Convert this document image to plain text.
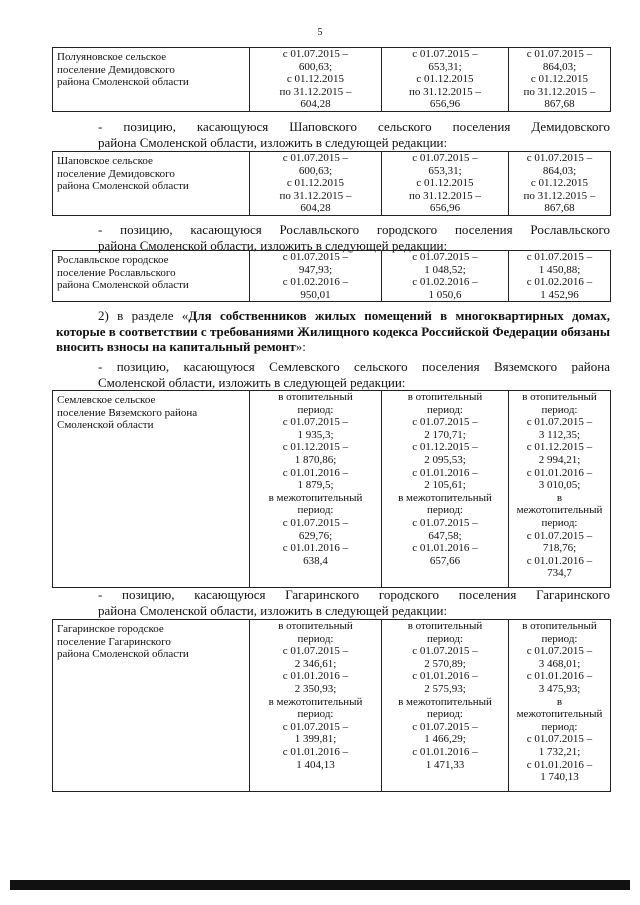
5
Полуяновское сельское
поселение Демидовского
района Смоленской области

с 01.07.2015 –
600,63;
с 01.12.2015
по 31.12.2015 –
604,28

с 01.07.2015 –
653,31;
с 01.12.2015
по 31.12.2015 –
656,96

с 01.07.2015 –
864,03;
с 01.12.2015
по 31.12.2015 –
867,68
- позицию, касающуюся Шаповского сельского поселения Демидовского
района Смоленской области, изложить в следующей редакции:
Шаповское сельское
поселение Демидовского
района Смоленской области

с 01.07.2015 –
600,63;
с 01.12.2015
по 31.12.2015 –
604,28

с 01.07.2015 –
653,31;
с 01.12.2015
по 31.12.2015 –
656,96

с 01.07.2015 –
864,03;
с 01.12.2015
по 31.12.2015 –
867,68
- позицию, касающуюся Рославльского городского поселения Рославльского
района Смоленской области, изложить в следующей редакции:
Рославльское городское
поселение Рославльского
района Смоленской области

с 01.07.2015 –
947,93;
с 01.02.2016 –
950,01

с 01.07.2015 –
1 048,52;
с 01.02.2016 –
1 050,6

с 01.07.2015 –
1 450,88;
с 01.02.2016 –
1 452,96
2) в разделе «Для собственников жилых помещений в многоквартирных домах, которые в соответствии с требованиями Жилищного кодекса Российской Федерации обязаны вносить взносы на капитальный ремонт»:
- позицию, касающуюся Семлевского сельского поселения Вяземского района
Смоленской области, изложить в следующей редакции:
Семлевское сельское
поселение Вяземского района
Смоленской области

в отопительный
период:
с 01.07.2015 –
1 935,3;
с 01.12.2015 –
1 870,86;
с 01.01.2016 –
1 879,5;
в межотопительный
период:
с 01.07.2015 –
629,76;
с 01.01.2016 –
638,4

в отопительный
период:
с 01.07.2015 –
2 170,71;
с 01.12.2015 –
2 095,53;
с 01.01.2016 –
2 105,61;
в межотопительный
период:
с 01.07.2015 –
647,58;
с 01.01.2016 –
657,66

в отопительный
период:
с 01.07.2015 –
3 112,35;
с 01.12.2015 –
2 994,21;
с 01.01.2016 –
3 010,05;
в
межотопительный
период:
с 01.07.2015 –
718,76;
с 01.01.2016 –
734,7
- позицию, касающуюся Гагаринского городского поселения Гагаринского
района Смоленской области, изложить в следующей редакции:
Гагаринское городское
поселение Гагаринского
района Смоленской области

в отопительный
период:
с 01.07.2015 –
2 346,61;
с 01.01.2016 –
2 350,93;
в межотопительный
период:
с 01.07.2015 –
1 399,81;
с 01.01.2016 –
1 404,13

в отопительный
период:
с 01.07.2015 –
2 570,89;
с 01.01.2016 –
2 575,93;
в межотопительный
период:
с 01.07.2015 –
1 466,29;
с 01.01.2016 –
1 471,33

в отопительный
период:
с 01.07.2015 –
3 468,01;
с 01.01.2016 –
3 475,93;
в
межотопительный
период:
с 01.07.2015 –
1 732,21;
с 01.01.2016 –
1 740,13
